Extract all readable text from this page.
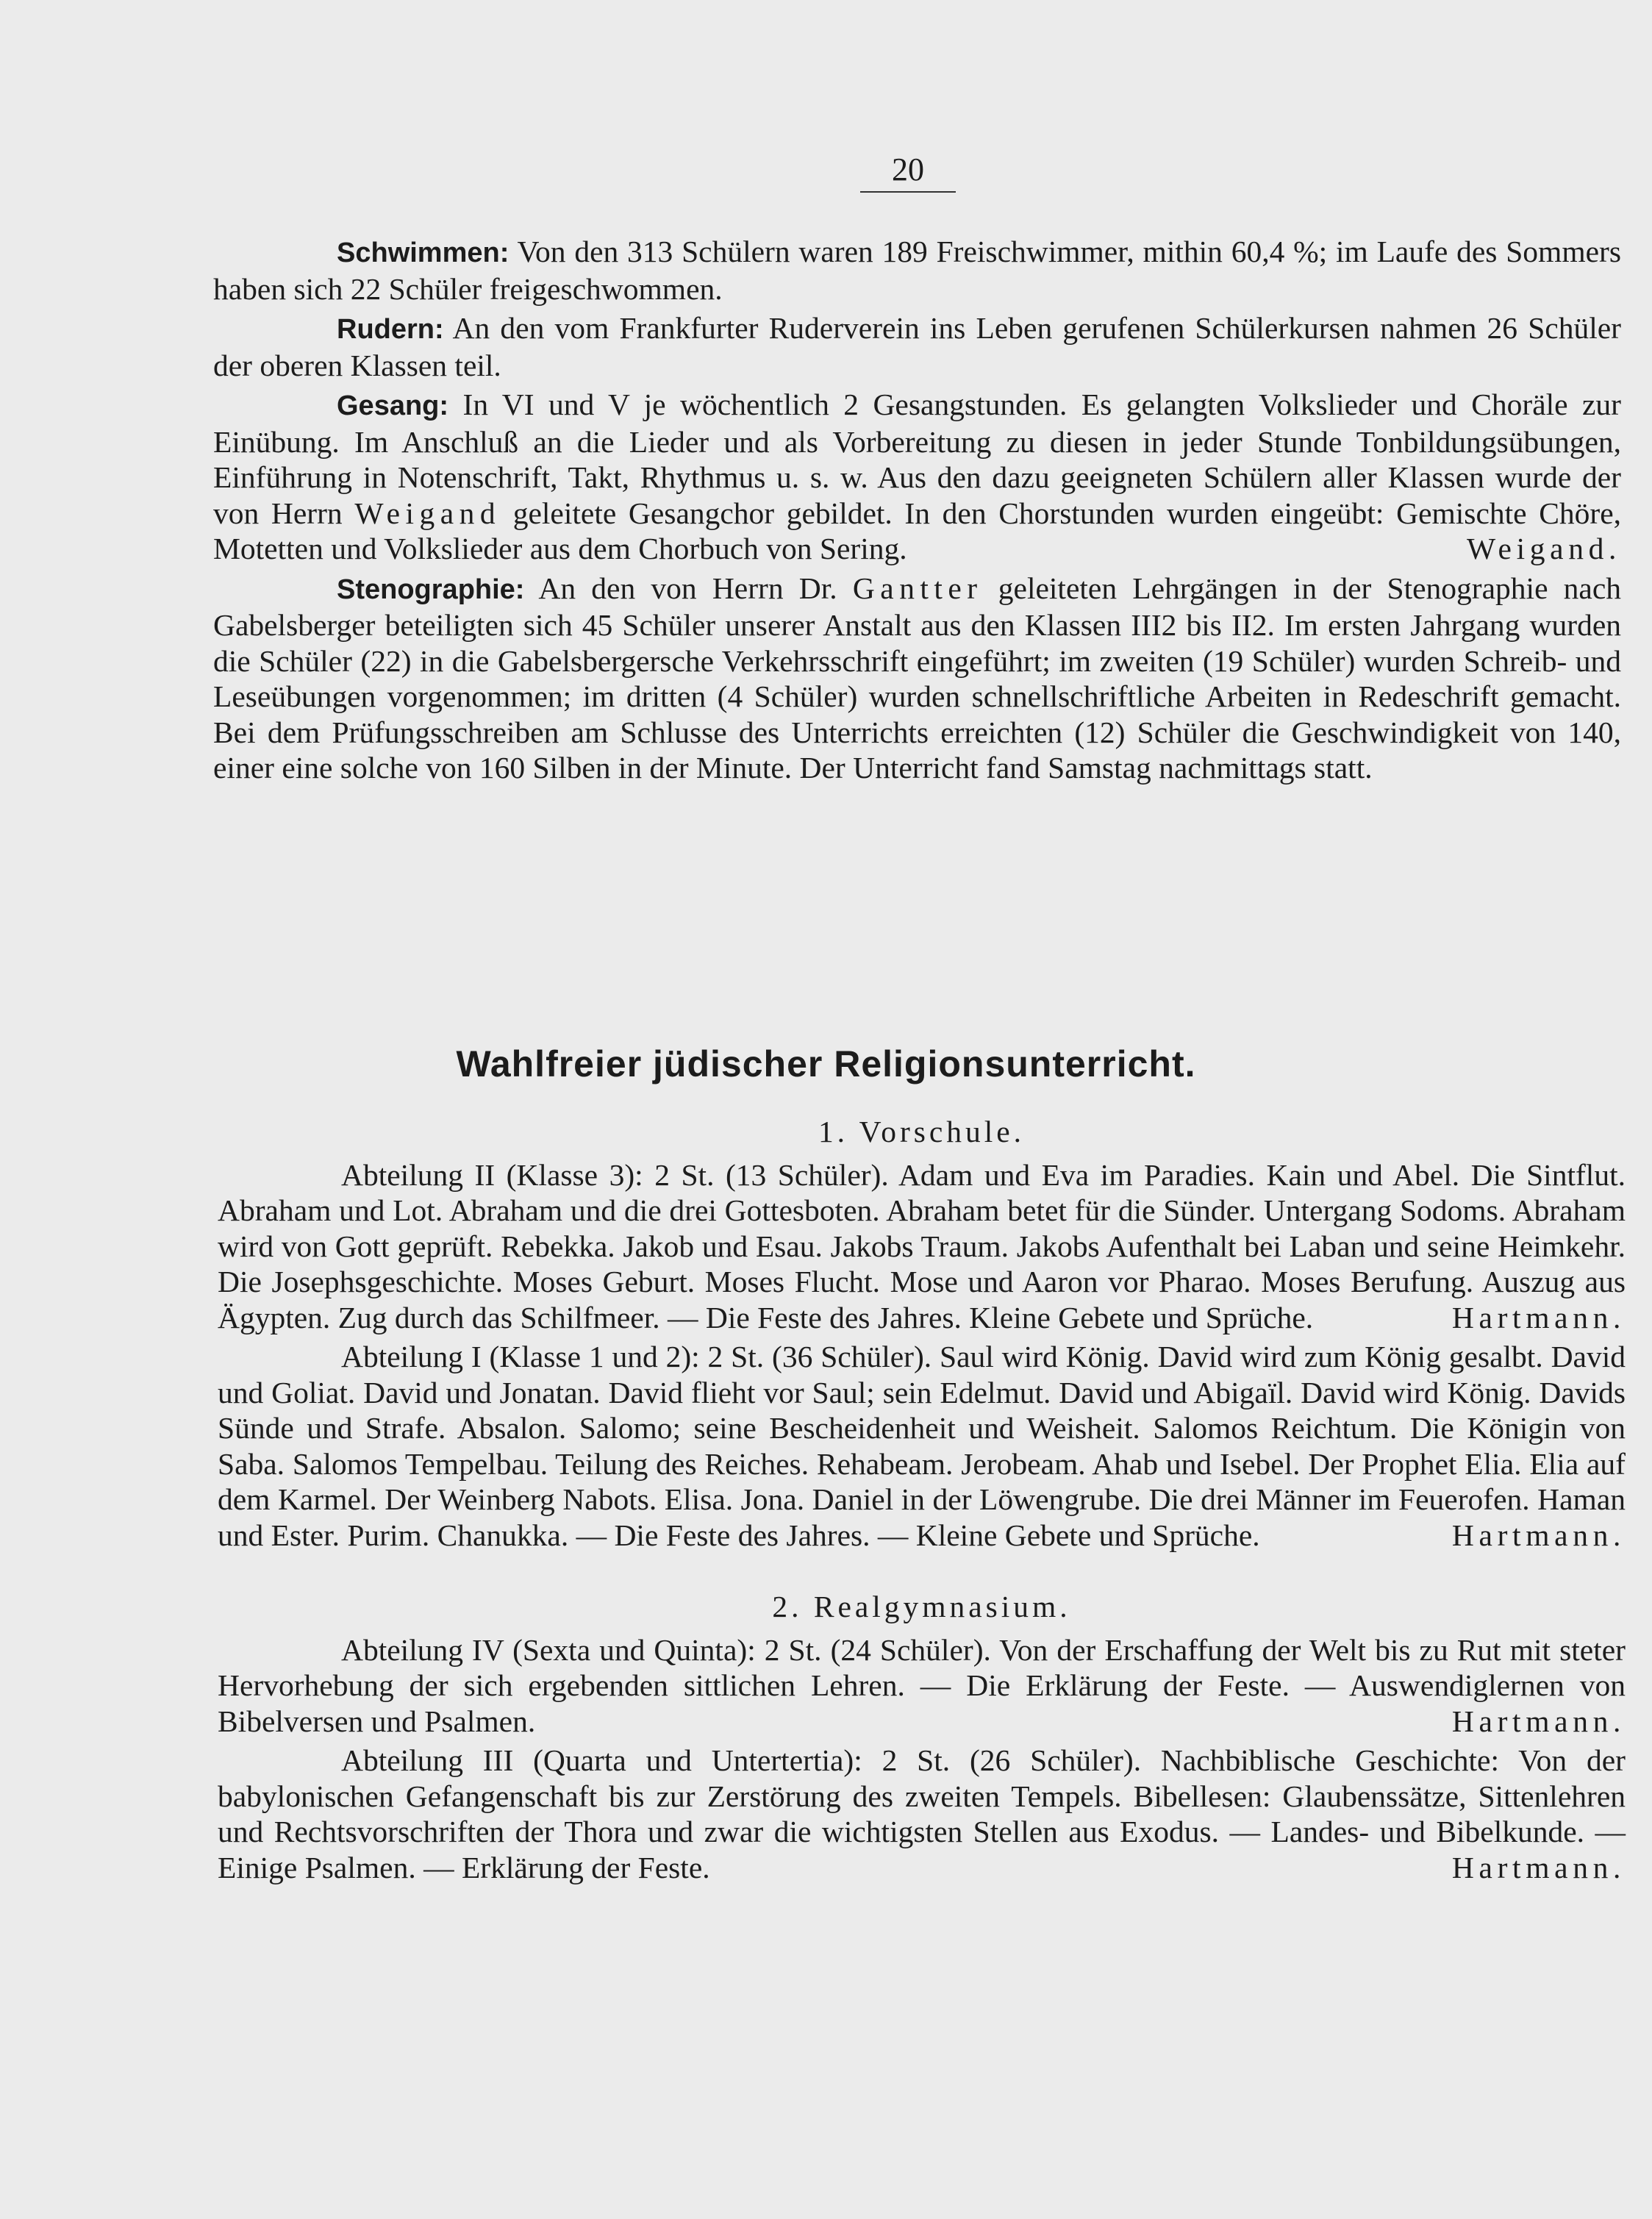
20

Schwimmen: Von den 313 Schülern waren 189 Freischwimmer, mithin 60,4 %; im Laufe des Sommers haben sich 22 Schüler freigeschwommen.

Rudern: An den vom Frankfurter Ruderverein ins Leben gerufenen Schülerkursen nahmen 26 Schüler der oberen Klassen teil.

Gesang: In VI und V je wöchentlich 2 Gesangstunden. Es gelangten Volkslieder und Choräle zur Einübung. Im Anschluß an die Lieder und als Vorbereitung zu diesen in jeder Stunde Tonbildungsübungen, Einführung in Notenschrift, Takt, Rhythmus u. s. w. Aus den dazu geeigneten Schülern aller Klassen wurde der von Herrn Weigand geleitete Gesangchor gebildet. In den Chorstunden wurden eingeübt: Gemischte Chöre, Motetten und Volkslieder aus dem Chorbuch von Sering.	Weigand.

Stenographie: An den von Herrn Dr. Gantter geleiteten Lehrgängen in der Stenographie nach Gabelsberger beteiligten sich 45 Schüler unserer Anstalt aus den Klassen III2 bis II2. Im ersten Jahrgang wurden die Schüler (22) in die Gabelsbergersche Verkehrsschrift eingeführt; im zweiten (19 Schüler) wurden Schreib- und Leseübungen vorgenommen; im dritten (4 Schüler) wurden schnellschriftliche Arbeiten in Redeschrift gemacht. Bei dem Prüfungsschreiben am Schlusse des Unterrichts erreichten (12) Schüler die Geschwindigkeit von 140, einer eine solche von 160 Silben in der Minute. Der Unterricht fand Samstag nachmittags statt.

Wahlfreier jüdischer Religionsunterricht.

1. Vorschule.

Abteilung II (Klasse 3): 2 St. (13 Schüler). Adam und Eva im Paradies. Kain und Abel. Die Sintflut. Abraham und Lot. Abraham und die drei Gottesboten. Abraham betet für die Sünder. Untergang Sodoms. Abraham wird von Gott geprüft. Rebekka. Jakob und Esau. Jakobs Traum. Jakobs Aufenthalt bei Laban und seine Heimkehr. Die Josephsgeschichte. Moses Geburt. Moses Flucht. Mose und Aaron vor Pharao. Moses Berufung. Auszug aus Ägypten. Zug durch das Schilfmeer. — Die Feste des Jahres. Kleine Gebete und Sprüche.	Hartmann.

Abteilung I (Klasse 1 und 2): 2 St. (36 Schüler). Saul wird König. David wird zum König gesalbt. David und Goliat. David und Jonatan. David flieht vor Saul; sein Edelmut. David und Abigaïl. David wird König. Davids Sünde und Strafe. Absalon. Salomo; seine Bescheidenheit und Weisheit. Salomos Reichtum. Die Königin von Saba. Salomos Tempelbau. Teilung des Reiches. Rehabeam. Jerobeam. Ahab und Isebel. Der Prophet Elia. Elia auf dem Karmel. Der Weinberg Nabots. Elisa. Jona. Daniel in der Löwengrube. Die drei Männer im Feuerofen. Haman und Ester. Purim. Chanukka. — Die Feste des Jahres. — Kleine Gebete und Sprüche.	Hartmann.

2. Realgymnasium.

Abteilung IV (Sexta und Quinta): 2 St. (24 Schüler). Von der Erschaffung der Welt bis zu Rut mit steter Hervorhebung der sich ergebenden sittlichen Lehren. — Die Erklärung der Feste. — Auswendiglernen von Bibelversen und Psalmen.	Hartmann.

Abteilung III (Quarta und Untertertia): 2 St. (26 Schüler). Nachbiblische Geschichte: Von der babylonischen Gefangenschaft bis zur Zerstörung des zweiten Tempels. Bibellesen: Glaubenssätze, Sittenlehren und Rechtsvorschriften der Thora und zwar die wichtigsten Stellen aus Exodus. — Landes- und Bibelkunde. — Einige Psalmen. — Erklärung der Feste.	Hartmann.
